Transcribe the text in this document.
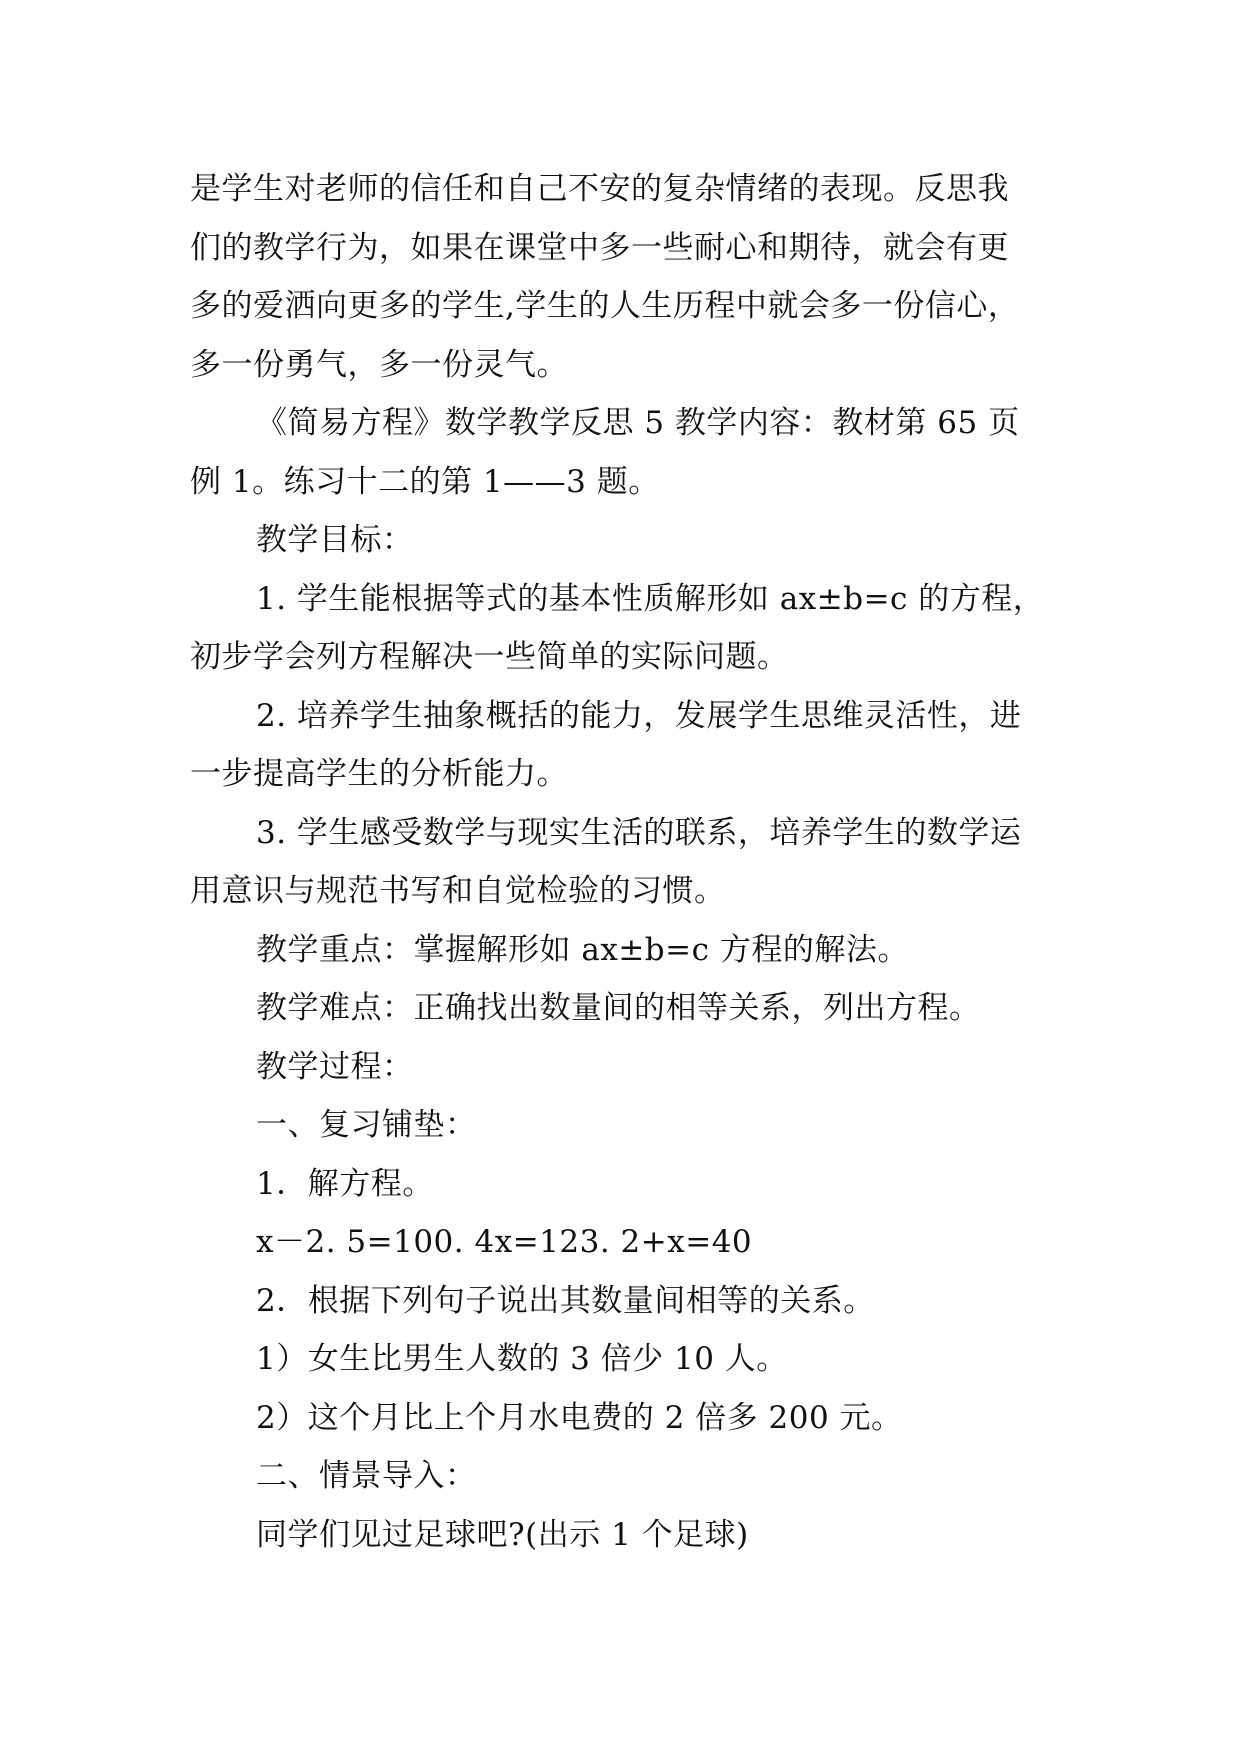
是学生对老师的信任和自己不安的复杂情绪的表现。反思我
们的教学行为，如果在课堂中多一些耐心和期待，就会有更
多的爱洒向更多的学生,学生的人生历程中就会多一份信心，
多一份勇气，多一份灵气。
《简易方程》数学教学反思 5 教学内容：教材第 65 页
例 1。练习十二的第 1——3 题。
教学目标：
1. 学生能根据等式的基本性质解形如 ax±b=c 的方程，
初步学会列方程解决一些简单的实际问题。
2. 培养学生抽象概括的能力，发展学生思维灵活性，进
一步提高学生的分析能力。
3. 学生感受数学与现实生活的联系，培养学生的数学运
用意识与规范书写和自觉检验的习惯。
教学重点：掌握解形如 ax±b=c 方程的解法。
教学难点：正确找出数量间的相等关系，列出方程。
教学过程：
一、复习铺垫：
1．解方程。
x－2. 5=100. 4x=123. 2+x=40
2．根据下列句子说出其数量间相等的关系。
1）女生比男生人数的 3 倍少 10 人。
2）这个月比上个月水电费的 2 倍多 200 元。
二、情景导入：
同学们见过足球吧?(出示 1 个足球)
